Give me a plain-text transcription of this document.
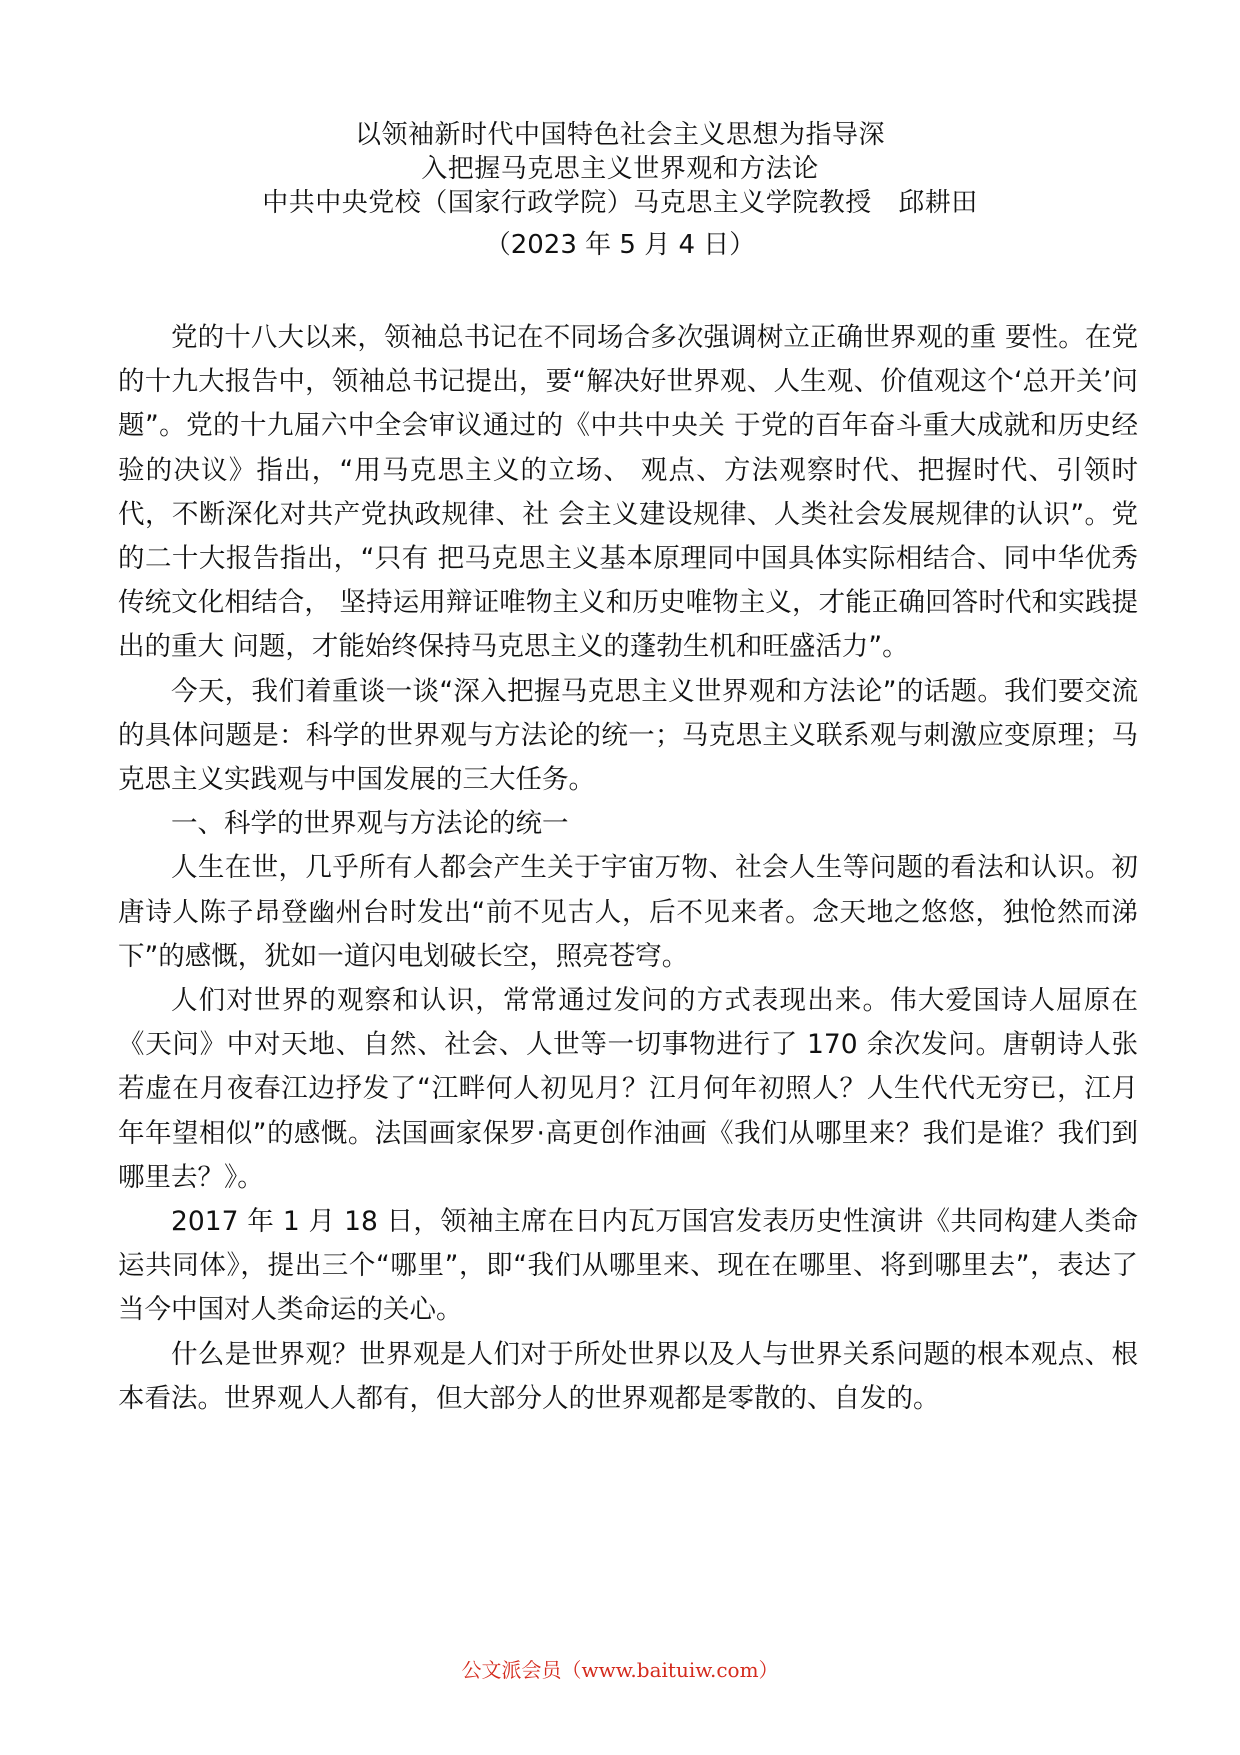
以领袖新时代中国特色社会主义思想为指导深

入把握马克思主义世界观和方法论

中共中央党校（国家行政学院）马克思主义学院教授　邱耕田

（2023 年 5 月 4 日）

党的十八大以来，领袖总书记在不同场合多次强调树立正确世界观的重 要性。在党的十九大报告中，领袖总书记提出，要“解决好世界观、人生观、价值观这个‘总开关’问题”。党的十九届六中全会审议通过的《中共中央关 于党的百年奋斗重大成就和历史经验的决议》指出，“用马克思主义的立场、 观点、方法观察时代、把握时代、引领时代，不断深化对共产党执政规律、社 会主义建设规律、人类社会发展规律的认识”。党的二十大报告指出，“只有 把马克思主义基本原理同中国具体实际相结合、同中华优秀传统文化相结合， 坚持运用辩证唯物主义和历史唯物主义，才能正确回答时代和实践提出的重大 问题，才能始终保持马克思主义的蓬勃生机和旺盛活力”。

今天，我们着重谈一谈“深入把握马克思主义世界观和方法论”的话题。我们要交流的具体问题是：科学的世界观与方法论的统一；马克思主义联系观与刺激应变原理；马克思主义实践观与中国发展的三大任务。

一、科学的世界观与方法论的统一

人生在世，几乎所有人都会产生关于宇宙万物、社会人生等问题的看法和认识。初唐诗人陈子昂登幽州台时发出“前不见古人，后不见来者。念天地之悠悠，独怆然而涕下”的感慨，犹如一道闪电划破长空，照亮苍穹。

人们对世界的观察和认识，常常通过发问的方式表现出来。伟大爱国诗人屈原在《天问》中对天地、自然、社会、人世等一切事物进行了 170 余次发问。唐朝诗人张若虚在月夜春江边抒发了“江畔何人初见月？江月何年初照人？人生代代无穷已，江月年年望相似”的感慨。法国画家保罗·高更创作油画《我们从哪里来？我们是谁？我们到哪里去？》。

2017 年 1 月 18 日，领袖主席在日内瓦万国宫发表历史性演讲《共同构建人类命运共同体》，提出三个“哪里”，即“我们从哪里来、现在在哪里、将到哪里去”，表达了当今中国对人类命运的关心。

什么是世界观？世界观是人们对于所处世界以及人与世界关系问题的根本观点、根本看法。世界观人人都有，但大部分人的世界观都是零散的、自发的。

公文派会员（www.baituiw.com）
